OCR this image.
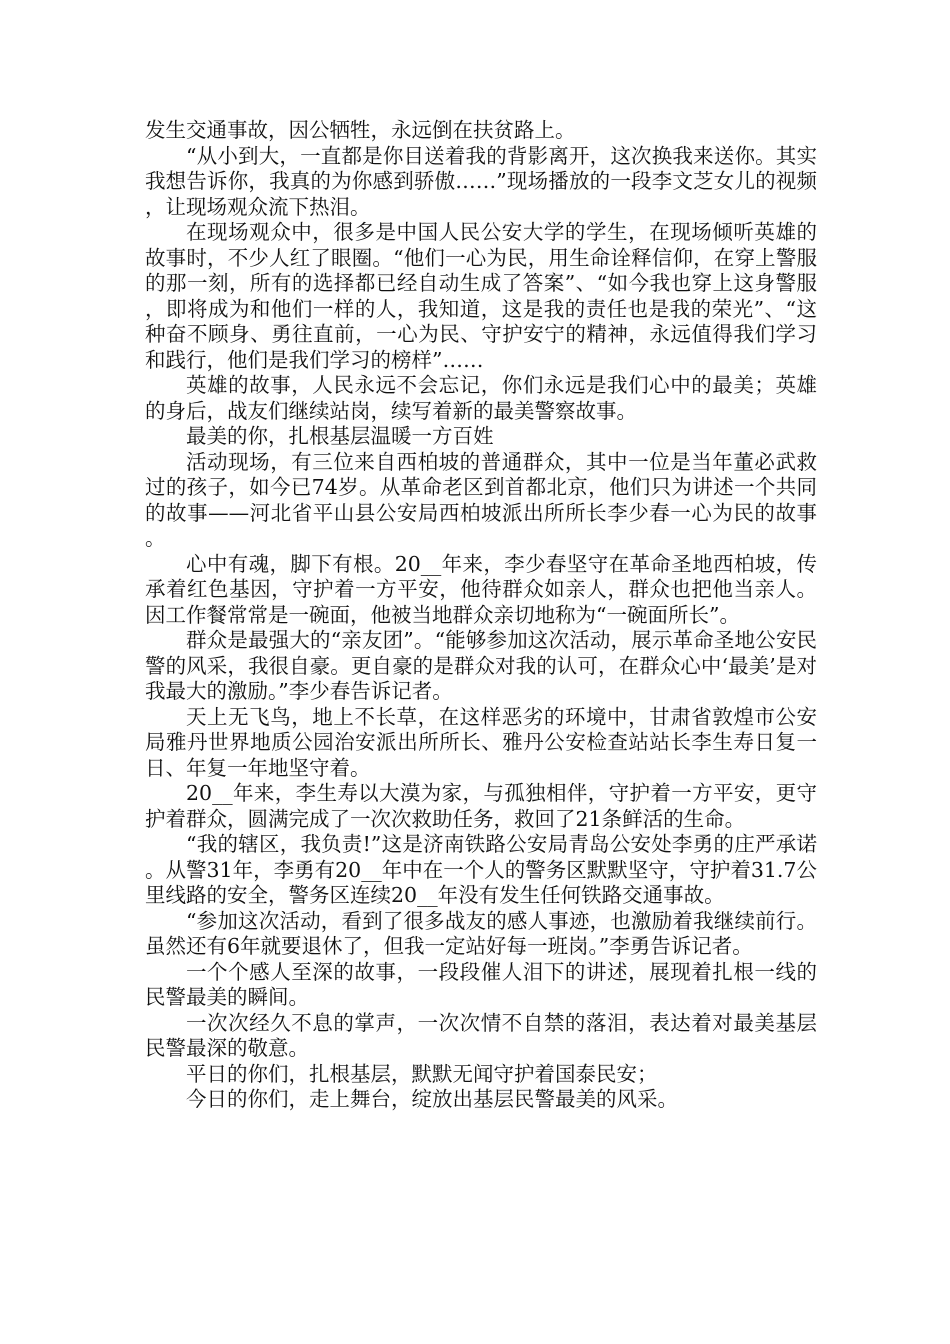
发生交通事故，因公牺牲，永远倒在扶贫路上。

“从小到大，一直都是你目送着我的背影离开，这次换我来送你。其实我想告诉你，我真的为你感到骄傲……”现场播放的一段李文芝女儿的视频，让现场观众流下热泪。

在现场观众中，很多是中国人民公安大学的学生，在现场倾听英雄的故事时，不少人红了眼圈。“他们一心为民，用生命诠释信仰，在穿上警服的那一刻，所有的选择都已经自动生成了答案”、“如今我也穿上这身警服，即将成为和他们一样的人，我知道，这是我的责任也是我的荣光”、“这种奋不顾身、勇往直前，一心为民、守护安宁的精神，永远值得我们学习和践行，他们是我们学习的榜样”……

英雄的故事，人民永远不会忘记，你们永远是我们心中的最美；英雄的身后，战友们继续站岗，续写着新的最美警察故事。

最美的你，扎根基层温暖一方百姓

活动现场，有三位来自西柏坡的普通群众，其中一位是当年董必武救过的孩子，如今已74岁。从革命老区到首都北京，他们只为讲述一个共同的故事——河北省平山县公安局西柏坡派出所所长李少春一心为民的故事。

心中有魂，脚下有根。20__年来，李少春坚守在革命圣地西柏坡，传承着红色基因，守护着一方平安，他待群众如亲人，群众也把他当亲人。因工作餐常常是一碗面，他被当地群众亲切地称为“一碗面所长”。

群众是最强大的“亲友团”。“能够参加这次活动，展示革命圣地公安民警的风采，我很自豪。更自豪的是群众对我的认可，在群众心中‘最美’是对我最大的激励。”李少春告诉记者。

天上无飞鸟，地上不长草，在这样恶劣的环境中，甘肃省敦煌市公安局雅丹世界地质公园治安派出所所长、雅丹公安检查站站长李生寿日复一日、年复一年地坚守着。

20__年来，李生寿以大漠为家，与孤独相伴，守护着一方平安，更守护着群众，圆满完成了一次次救助任务，救回了21条鲜活的生命。

“我的辖区，我负责!”这是济南铁路公安局青岛公安处李勇的庄严承诺。从警31年，李勇有20__年中在一个人的警务区默默坚守，守护着31.7公里线路的安全，警务区连续20__年没有发生任何铁路交通事故。

“参加这次活动，看到了很多战友的感人事迹，也激励着我继续前行。虽然还有6年就要退休了，但我一定站好每一班岗。”李勇告诉记者。

一个个感人至深的故事，一段段催人泪下的讲述，展现着扎根一线的民警最美的瞬间。

一次次经久不息的掌声，一次次情不自禁的落泪，表达着对最美基层民警最深的敬意。

平日的你们，扎根基层，默默无闻守护着国泰民安；

今日的你们，走上舞台，绽放出基层民警最美的风采。
